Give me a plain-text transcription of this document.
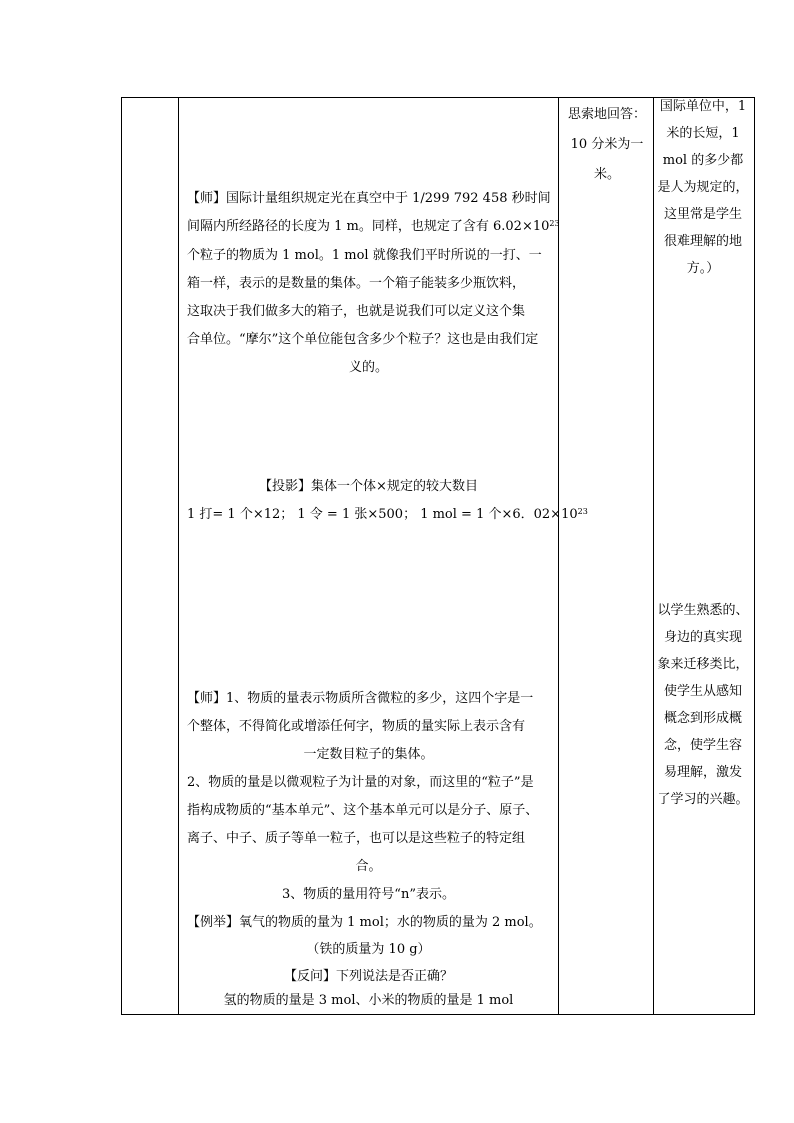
【师】国际计量组织规定光在真空中于 1/299 792 458 秒时间
间隔内所经路径的长度为 1 m。同样，也规定了含有 $6.02\times 10^{23}$
个粒子的物质为 1 mol。1 mol 就像我们平时所说的一打、一
箱一样，表示的是数量的集体。一个箱子能装多少瓶饮料，
这取决于我们做多大的箱子，也就是说我们可以定义这个集
合单位。“摩尔”这个单位能包含多少个粒子？这也是由我们定
义的。
【投影】集体一个体×规定的较大数目
1 打= 1 个×12； 1 令 = 1 张×500； 1 mol = 1 个×6．$02\times 10^{23}$
【师】1、物质的量表示物质所含微粒的多少，这四个字是一
个整体，不得简化或增添任何字，物质的量实际上表示含有
一定数目粒子的集体。
2、物质的量是以微观粒子为计量的对象，而这里的“粒子”是
指构成物质的“基本单元”、这个基本单元可以是分子、原子、
离子、中子、质子等单一粒子，也可以是这些粒子的特定组
合。
3、物质的量用符号“n”表示。
【例举】氧气的物质的量为 1 mol；水的物质的量为 2 mol。
（铁的质量为 10 g）
【反问】下列说法是否正确？
氢的物质的量是 3 mol、小米的物质的量是 1 mol
思索地回答：
10 分米为一
米。
国际单位中，1
米的长短，1
mol 的多少都
是人为规定的，
这里常是学生
很难理解的地
方。）
以学生熟悉的、
身边的真实现
象来迁移类比，
使学生从感知
概念到形成概
念，使学生容
易理解，激发
了学习的兴趣。
